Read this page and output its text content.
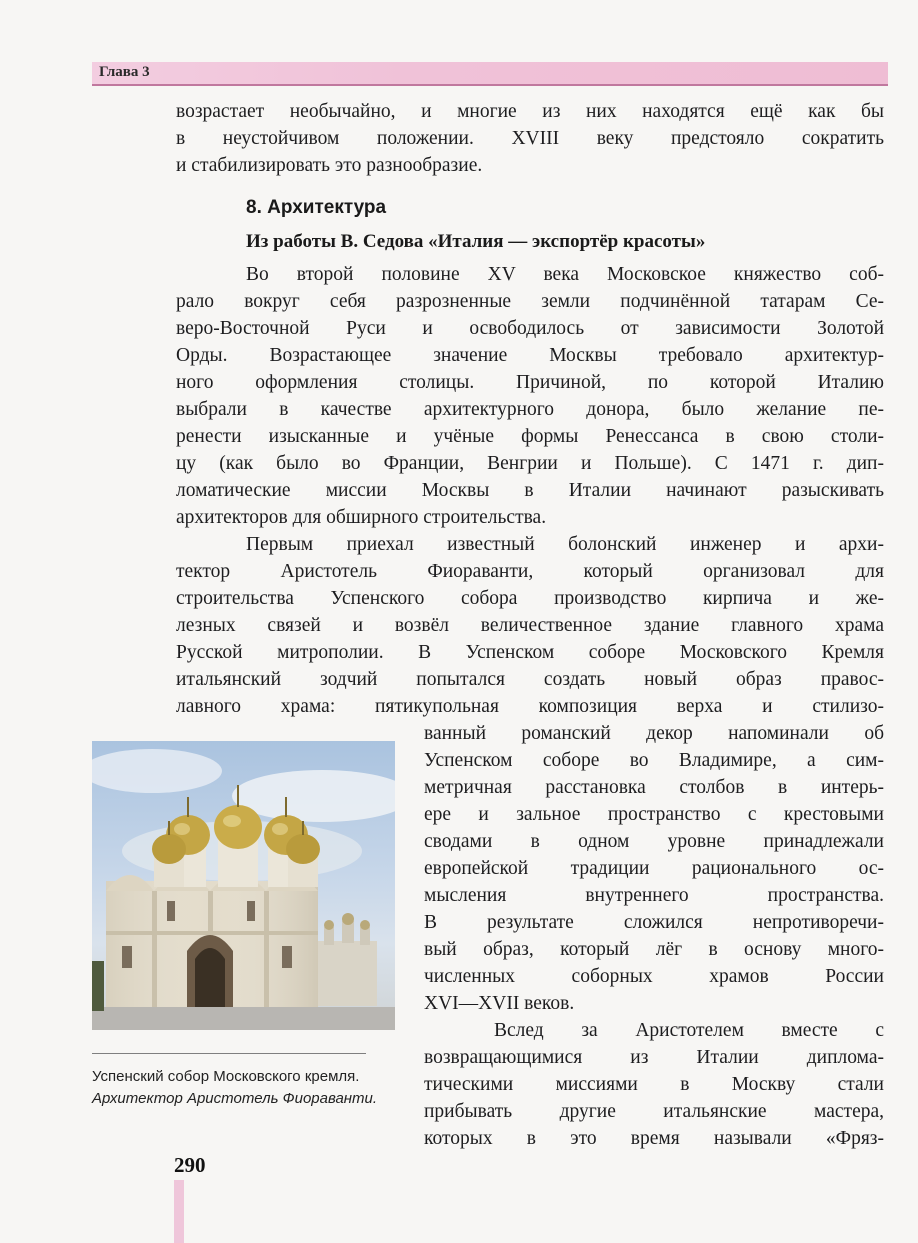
Глава 3
возрастает необычайно, и многие из них находятся ещё как бы
в неустойчивом положении. XVIII веку предстояло сократить
и стабилизировать это разнообразие.
8. Архитектура
Из работы В. Седова «Италия — экспортёр красоты»
Во второй половине XV века Московское княжество соб-
рало вокруг себя разрозненные земли подчинённой татарам Се-
веро-Восточной Руси и освободилось от зависимости Золотой
Орды. Возрастающее значение Москвы требовало архитектур-
ного оформления столицы. Причиной, по которой Италию
выбрали в качестве архитектурного донора, было желание пе-
ренести изысканные и учёные формы Ренессанса в свою столи-
цу (как было во Франции, Венгрии и Польше). С 1471 г. дип-
ломатические миссии Москвы в Италии начинают разыскивать
архитекторов для обширного строительства.
Первым приехал известный болонский инженер и архи-
тектор Аристотель Фиораванти, который организовал для
строительства Успенского собора производство кирпича и же-
лезных связей и возвёл величественное здание главного храма
Русской митрополии. В Успенском соборе Московского Кремля
итальянский зодчий попытался создать новый образ правос-
лавного храма: пятикупольная композиция верха и стилизо-
ванный романский декор напоминали об
Успенском соборе во Владимире, а сим-
метричная расстановка столбов в интерь-
ере и зальное пространство с крестовыми
сводами в одном уровне принадлежали
европейской традиции рационального ос-
мысления внутреннего пространства.
В результате сложился непротиворечи-
вый образ, который лёг в основу много-
численных соборных храмов России
XVI—XVII веков.
Вслед за Аристотелем вместе с
возвращающимися из Италии диплома-
тическими миссиями в Москву стали
прибывать другие итальянские мастера,
которых в это время называли «Фряз-
Успенский собор Московского кремля. Архитектор Аристотель Фиораванти.
290
